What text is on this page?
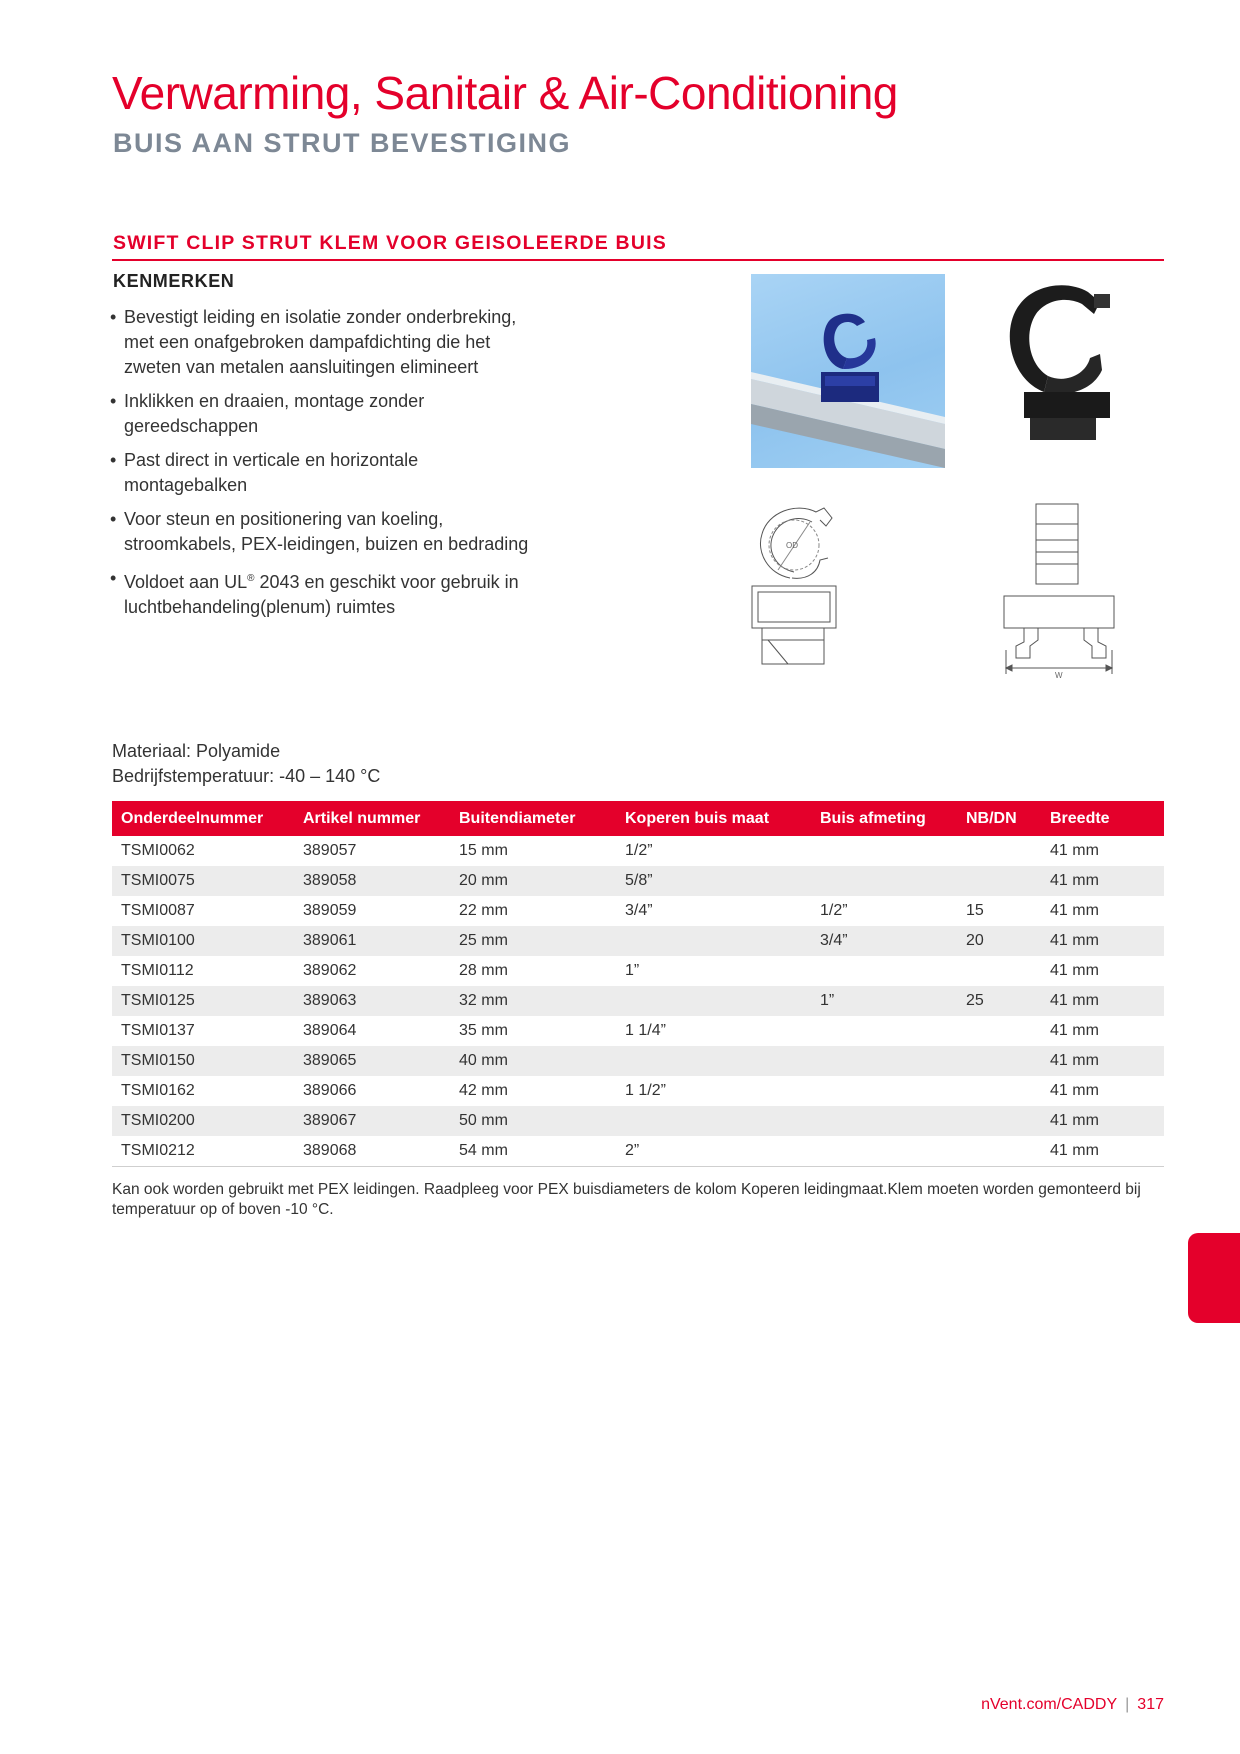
Verwarming, Sanitair & Air-Conditioning
BUIS AAN STRUT BEVESTIGING
SWIFT CLIP STRUT KLEM VOOR GEISOLEERDE BUIS
KENMERKEN
• Bevestigt leiding en isolatie zonder onderbreking, met een onafgebroken dampafdichting die het zweten van metalen aansluitingen elimineert
• Inklikken en draaien, montage zonder gereedschappen
• Past direct in verticale en horizontale montagebalken
• Voor steun en positionering van koeling, stroomkabels, PEX-leidingen, buizen en bedrading
• Voldoet aan UL® 2043 en geschikt voor gebruik in luchtbehandeling(plenum) ruimtes
Materiaal: Polyamide
Bedrijfstemperatuur: -40 – 140 °C
OD
W
Onderdeelnummer	Artikel nummer	Buitendiameter	Koperen buis maat	Buis afmeting	NB/DN	Breedte
TSMI0062	389057	15 mm	1/2”			41 mm
TSMI0075	389058	20 mm	5/8”			41 mm
TSMI0087	389059	22 mm	3/4”	1/2”	15	41 mm
TSMI0100	389061	25 mm		3/4”	20	41 mm
TSMI0112	389062	28 mm	1”			41 mm
TSMI0125	389063	32 mm		1”	25	41 mm
TSMI0137	389064	35 mm	1 1/4”			41 mm
TSMI0150	389065	40 mm				41 mm
TSMI0162	389066	42 mm	1 1/2”			41 mm
TSMI0200	389067	50 mm				41 mm
TSMI0212	389068	54 mm	2”			41 mm
Kan ook worden gebruikt met PEX leidingen. Raadpleeg voor PEX buisdiameters de kolom Koperen leidingmaat.Klem moeten worden gemonteerd bij temperatuur op of boven -10 °C.
nVent.com/CADDY | 317
